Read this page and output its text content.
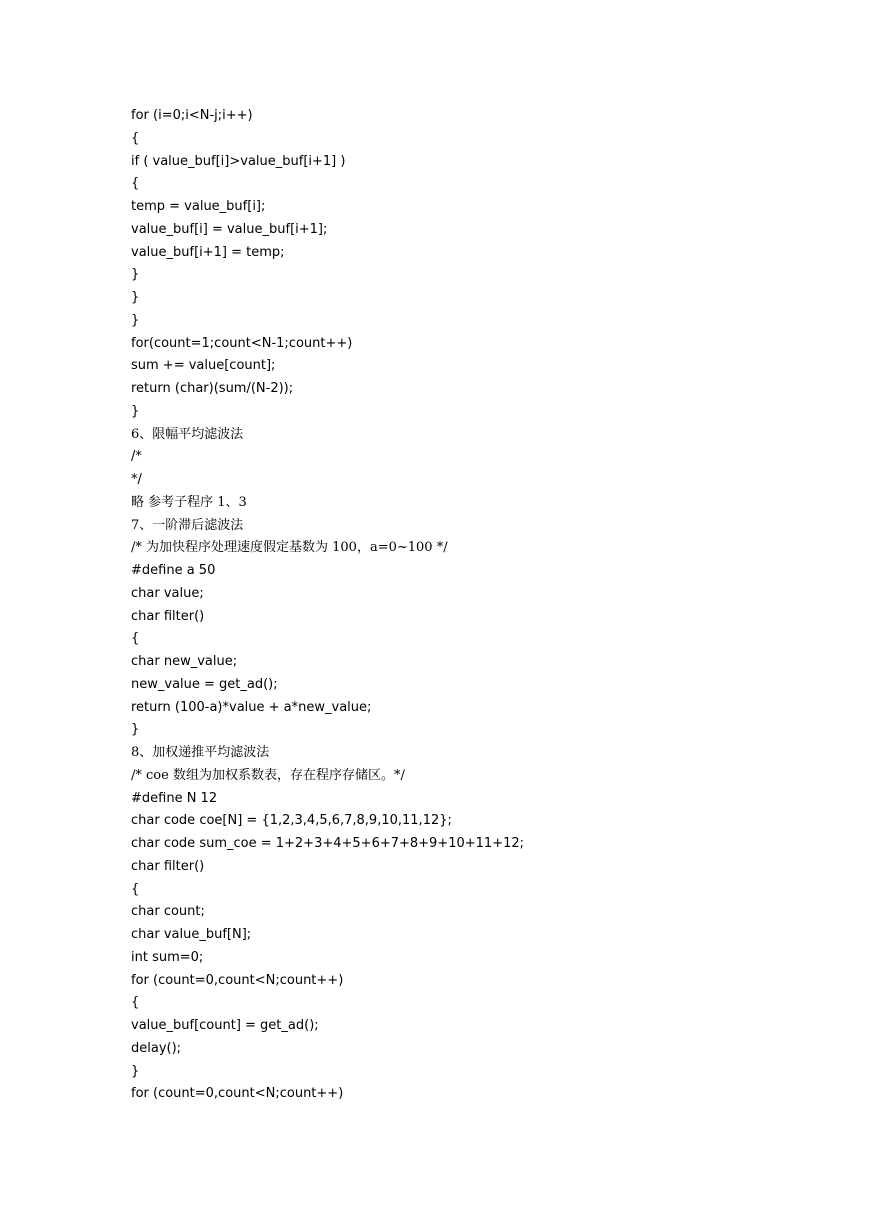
for (i=0;i<N-j;i++)
{
if ( value_buf[i]>value_buf[i+1] )
{
temp = value_buf[i];
value_buf[i] = value_buf[i+1];
value_buf[i+1] = temp;
}
}
}
for(count=1;count<N-1;count++)
sum += value[count];
return (char)(sum/(N-2));
}
6、限幅平均滤波法
/*
*/
略 参考子程序 1、3
7、一阶滞后滤波法
/* 为加快程序处理速度假定基数为 100，a=0~100 */
#define a 50
char value;
char filter()
{
char new_value;
new_value = get_ad();
return (100-a)*value + a*new_value;
}
8、加权递推平均滤波法
/* coe 数组为加权系数表，存在程序存储区。*/
#define N 12
char code coe[N] = {1,2,3,4,5,6,7,8,9,10,11,12};
char code sum_coe = 1+2+3+4+5+6+7+8+9+10+11+12;
char filter()
{
char count;
char value_buf[N];
int sum=0;
for (count=0,count<N;count++)
{
value_buf[count] = get_ad();
delay();
}
for (count=0,count<N;count++)
